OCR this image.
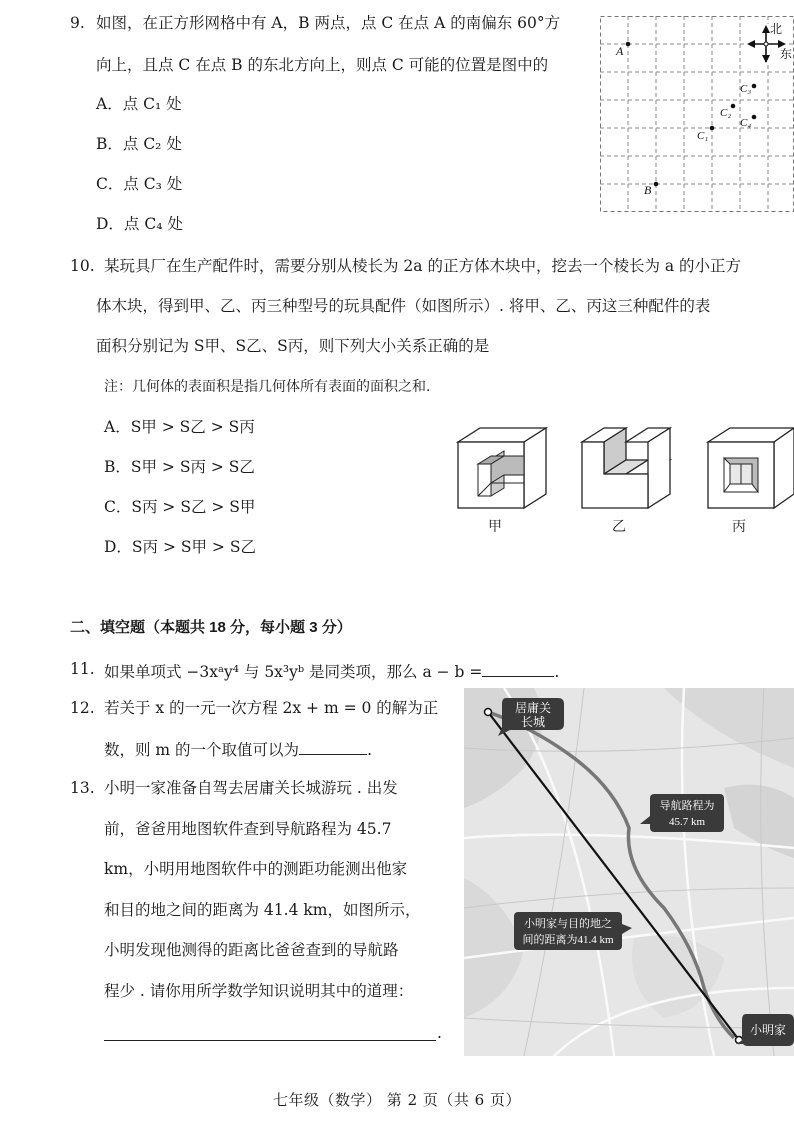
9. 如图，在正方形网格中有 A，B 两点，点 C 在点 A 的南偏东 60°方
向上，且点 C 在点 B 的东北方向上，则点 C 可能的位置是图中的
A．点 C₁ 处
B．点 C₂ 处
C．点 C₃ 处
D．点 C₄ 处
北
东
A
B
C₁
C₂
C₃
C₄
10. 某玩具厂在生产配件时，需要分别从棱长为 2a 的正方体木块中，挖去一个棱长为 a 的小正方
体木块，得到甲、乙、丙三种型号的玩具配件（如图所示）. 将甲、乙、丙这三种配件的表
面积分别记为 S甲、S乙、S丙，则下列大小关系正确的是
注：几何体的表面积是指几何体所有表面的面积之和.
A．S甲 > S乙 > S丙
B．S甲 > S丙 > S乙
C．S丙 > S乙 > S甲
D．S丙 > S甲 > S乙
甲	乙	丙
二、填空题（本题共 18 分，每小题 3 分）
11. 如果单项式 −3xᵃy⁴ 与 5x³yᵇ 是同类项，那么 a − b =	.
12. 若关于 x 的一元一次方程 2x + m = 0 的解为正
数，则 m 的一个取值可以为	.
13. 小明一家准备自驾去居庸关长城游玩 . 出发
前，爸爸用地图软件查到导航路程为 45.7
km，小明用地图软件中的测距功能测出他家
和目的地之间的距离为 41.4 km，如图所示，
小明发现他测得的距离比爸爸查到的导航路
程少 . 请你用所学数学知识说明其中的道理：
.
居庸关
长城
导航路程为
45.7 km
小明家与目的地之
间的距离为41.4 km
小明家
七年级（数学） 第 2 页（共 6 页）
